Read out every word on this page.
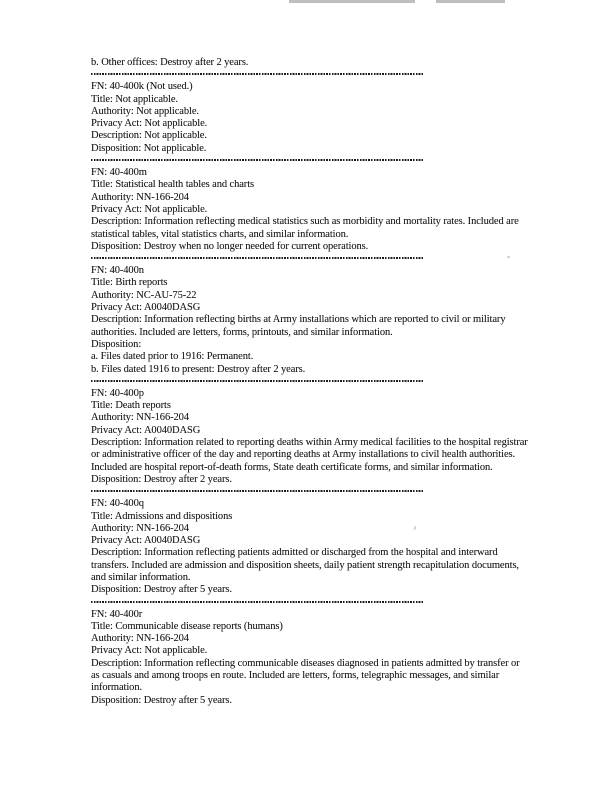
b. Other offices: Destroy after 2 years.
FN: 40-400k (Not used.)
Title: Not applicable.
Authority: Not applicable.
Privacy Act: Not applicable.
Description: Not applicable.
Disposition: Not applicable.
FN: 40-400m
Title: Statistical health tables and charts
Authority: NN-166-204
Privacy Act: Not applicable.
Description: Information reflecting medical statistics such as morbidity and mortality rates. Included are statistical tables, vital statistics charts, and similar information.
Disposition: Destroy when no longer needed for current operations.
FN: 40-400n
Title: Birth reports
Authority: NC-AU-75-22
Privacy Act: A0040DASG
Description: Information reflecting births at Army installations which are reported to civil or military authorities. Included are letters, forms, printouts, and similar information.
Disposition:
a. Files dated prior to 1916: Permanent.
b. Files dated 1916 to present: Destroy after 2 years.
FN: 40-400p
Title: Death reports
Authority: NN-166-204
Privacy Act: A0040DASG
Description: Information related to reporting deaths within Army medical facilities to the hospital registrar or administrative officer of the day and reporting deaths at Army installations to civil health authorities. Included are hospital report-of-death forms, State death certificate forms, and similar information.
Disposition: Destroy after 2 years.
FN: 40-400q
Title: Admissions and dispositions
Authority: NN-166-204
Privacy Act: A0040DASG
Description: Information reflecting patients admitted or discharged from the hospital and interward transfers. Included are admission and disposition sheets, daily patient strength recapitulation documents, and similar information.
Disposition: Destroy after 5 years.
FN: 40-400r
Title: Communicable disease reports (humans)
Authority: NN-166-204
Privacy Act: Not applicable.
Description: Information reflecting communicable diseases diagnosed in patients admitted by transfer or as casuals and among troops en route. Included are letters, forms, telegraphic messages, and similar information.
Disposition: Destroy after 5 years.
